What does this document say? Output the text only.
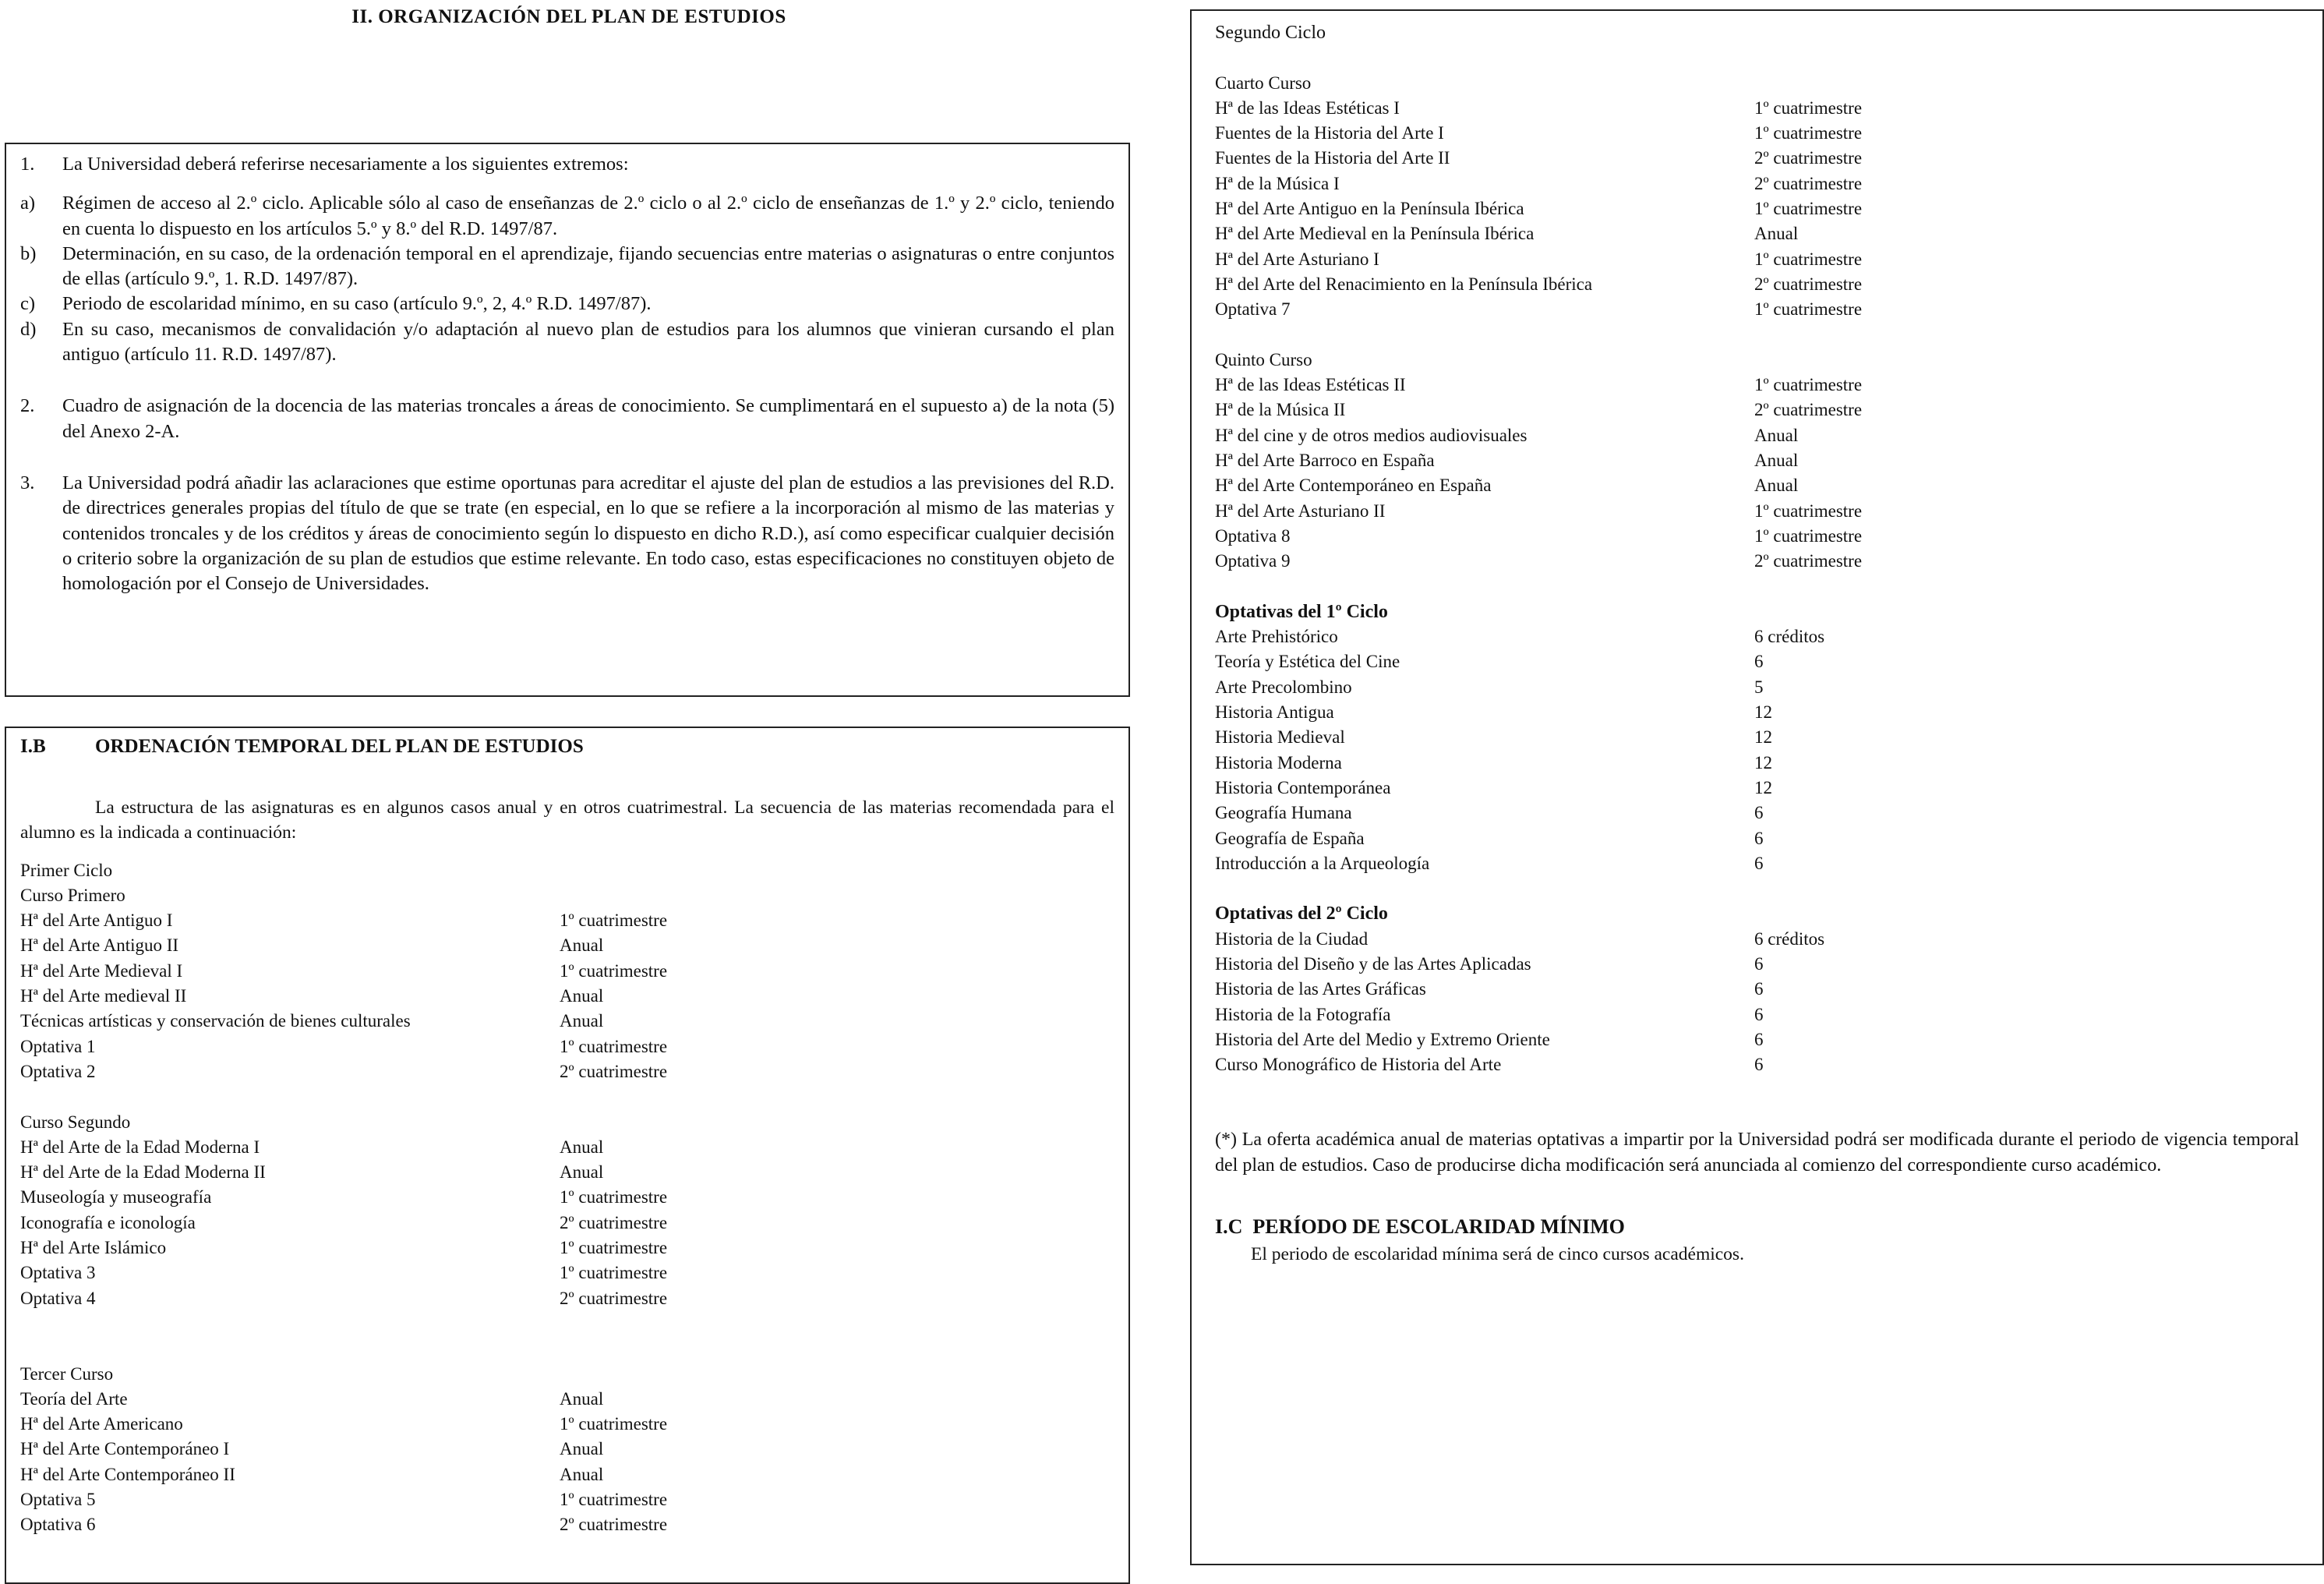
II. ORGANIZACIÓN DEL PLAN DE ESTUDIOS
1. La Universidad deberá referirse necesariamente a los siguientes extremos:
a) Régimen de acceso al 2.º ciclo. Aplicable sólo al caso de enseñanzas de 2.º ciclo o al 2.º ciclo de enseñanzas de 1.º y 2.º ciclo, teniendo en cuenta lo dispuesto en los artículos 5.º y 8.º del R.D. 1497/87.
b) Determinación, en su caso, de la ordenación temporal en el aprendizaje, fijando secuencias entre materias o asignaturas o entre conjuntos de ellas (artículo 9.º, 1. R.D. 1497/87).
c) Periodo de escolaridad mínimo, en su caso (artículo 9.º, 2, 4.º R.D. 1497/87).
d) En su caso, mecanismos de convalidación y/o adaptación al nuevo plan de estudios para los alumnos que vinieran cursando el plan antiguo (artículo 11. R.D. 1497/87).
2. Cuadro de asignación de la docencia de las materias troncales a áreas de conocimiento. Se cumplimentará en el supuesto a) de la nota (5) del Anexo 2-A.
3. La Universidad podrá añadir las aclaraciones que estime oportunas para acreditar el ajuste del plan de estudios a las previsiones del R.D. de directrices generales propias del título de que se trate (en especial, en lo que se refiere a la incorporación al mismo de las materias y contenidos troncales y de los créditos y áreas de conocimiento según lo dispuesto en dicho R.D.), así como especificar cualquier decisión o criterio sobre la organización de su plan de estudios que estime relevante. En todo caso, estas especificaciones no constituyen objeto de homologación por el Consejo de Universidades.
I.B	ORDENACIÓN TEMPORAL DEL PLAN DE ESTUDIOS
La estructura de las asignaturas es en algunos casos anual y en otros cuatrimestral. La secuencia de las materias recomendada para el alumno es la indicada a continuación:
Primer Ciclo
Curso Primero
Hª del Arte Antiguo I	1º cuatrimestre
Hª del Arte Antiguo II	Anual
Hª del Arte Medieval I	1º cuatrimestre
Hª del Arte medieval II	Anual
Técnicas artísticas y conservación de bienes culturales	Anual
Optativa 1	1º cuatrimestre
Optativa 2	2º cuatrimestre
Curso Segundo
Hª del Arte de la Edad Moderna I	Anual
Hª del Arte de la Edad Moderna II	Anual
Museología y museografía	1º cuatrimestre
Iconografía e iconología	2º cuatrimestre
Hª del Arte Islámico	1º cuatrimestre
Optativa 3	1º cuatrimestre
Optativa 4	2º cuatrimestre
Tercer Curso
Teoría del Arte	Anual
Hª del Arte Americano	1º cuatrimestre
Hª del Arte Contemporáneo I	Anual
Hª del Arte Contemporáneo II	Anual
Optativa 5	1º cuatrimestre
Optativa 6	2º cuatrimestre
Segundo Ciclo
Cuarto Curso
Hª de las Ideas Estéticas I	1º cuatrimestre
Fuentes de la Historia del Arte I	1º cuatrimestre
Fuentes de la Historia del Arte II	2º cuatrimestre
Hª de la Música I	2º cuatrimestre
Hª del Arte Antiguo en la Península Ibérica	1º cuatrimestre
Hª del Arte Medieval en la Península Ibérica	Anual
Hª del Arte Asturiano I	1º cuatrimestre
Hª del Arte del Renacimiento en la Península Ibérica	2º cuatrimestre
Optativa 7	1º cuatrimestre
Quinto Curso
Hª de las Ideas Estéticas II	1º cuatrimestre
Hª de la Música II	2º cuatrimestre
Hª del cine y de otros medios audiovisuales	Anual
Hª del Arte Barroco en España	Anual
Hª del Arte Contemporáneo en España	Anual
Hª del Arte Asturiano II	1º cuatrimestre
Optativa 8	1º cuatrimestre
Optativa 9	2º cuatrimestre
Optativas del 1º Ciclo
Arte Prehistórico	6 créditos
Teoría y Estética del Cine	6
Arte Precolombino	5
Historia Antigua	12
Historia Medieval	12
Historia Moderna	12
Historia Contemporánea	12
Geografía Humana	6
Geografía de España	6
Introducción a la Arqueología	6
Optativas del 2º Ciclo
Historia de la Ciudad	6 créditos
Historia del Diseño y de las Artes Aplicadas	6
Historia de las Artes Gráficas	6
Historia de la Fotografía	6
Historia del Arte del Medio y Extremo Oriente	6
Curso Monográfico de Historia del Arte	6
(*) La oferta académica anual de materias optativas a impartir por la Universidad podrá ser modificada durante el periodo de vigencia temporal del plan de estudios. Caso de producirse dicha modificación será anunciada al comienzo del correspondiente curso académico.
I.C PERÍODO DE ESCOLARIDAD MÍNIMO
El periodo de escolaridad mínima será de cinco cursos académicos.
